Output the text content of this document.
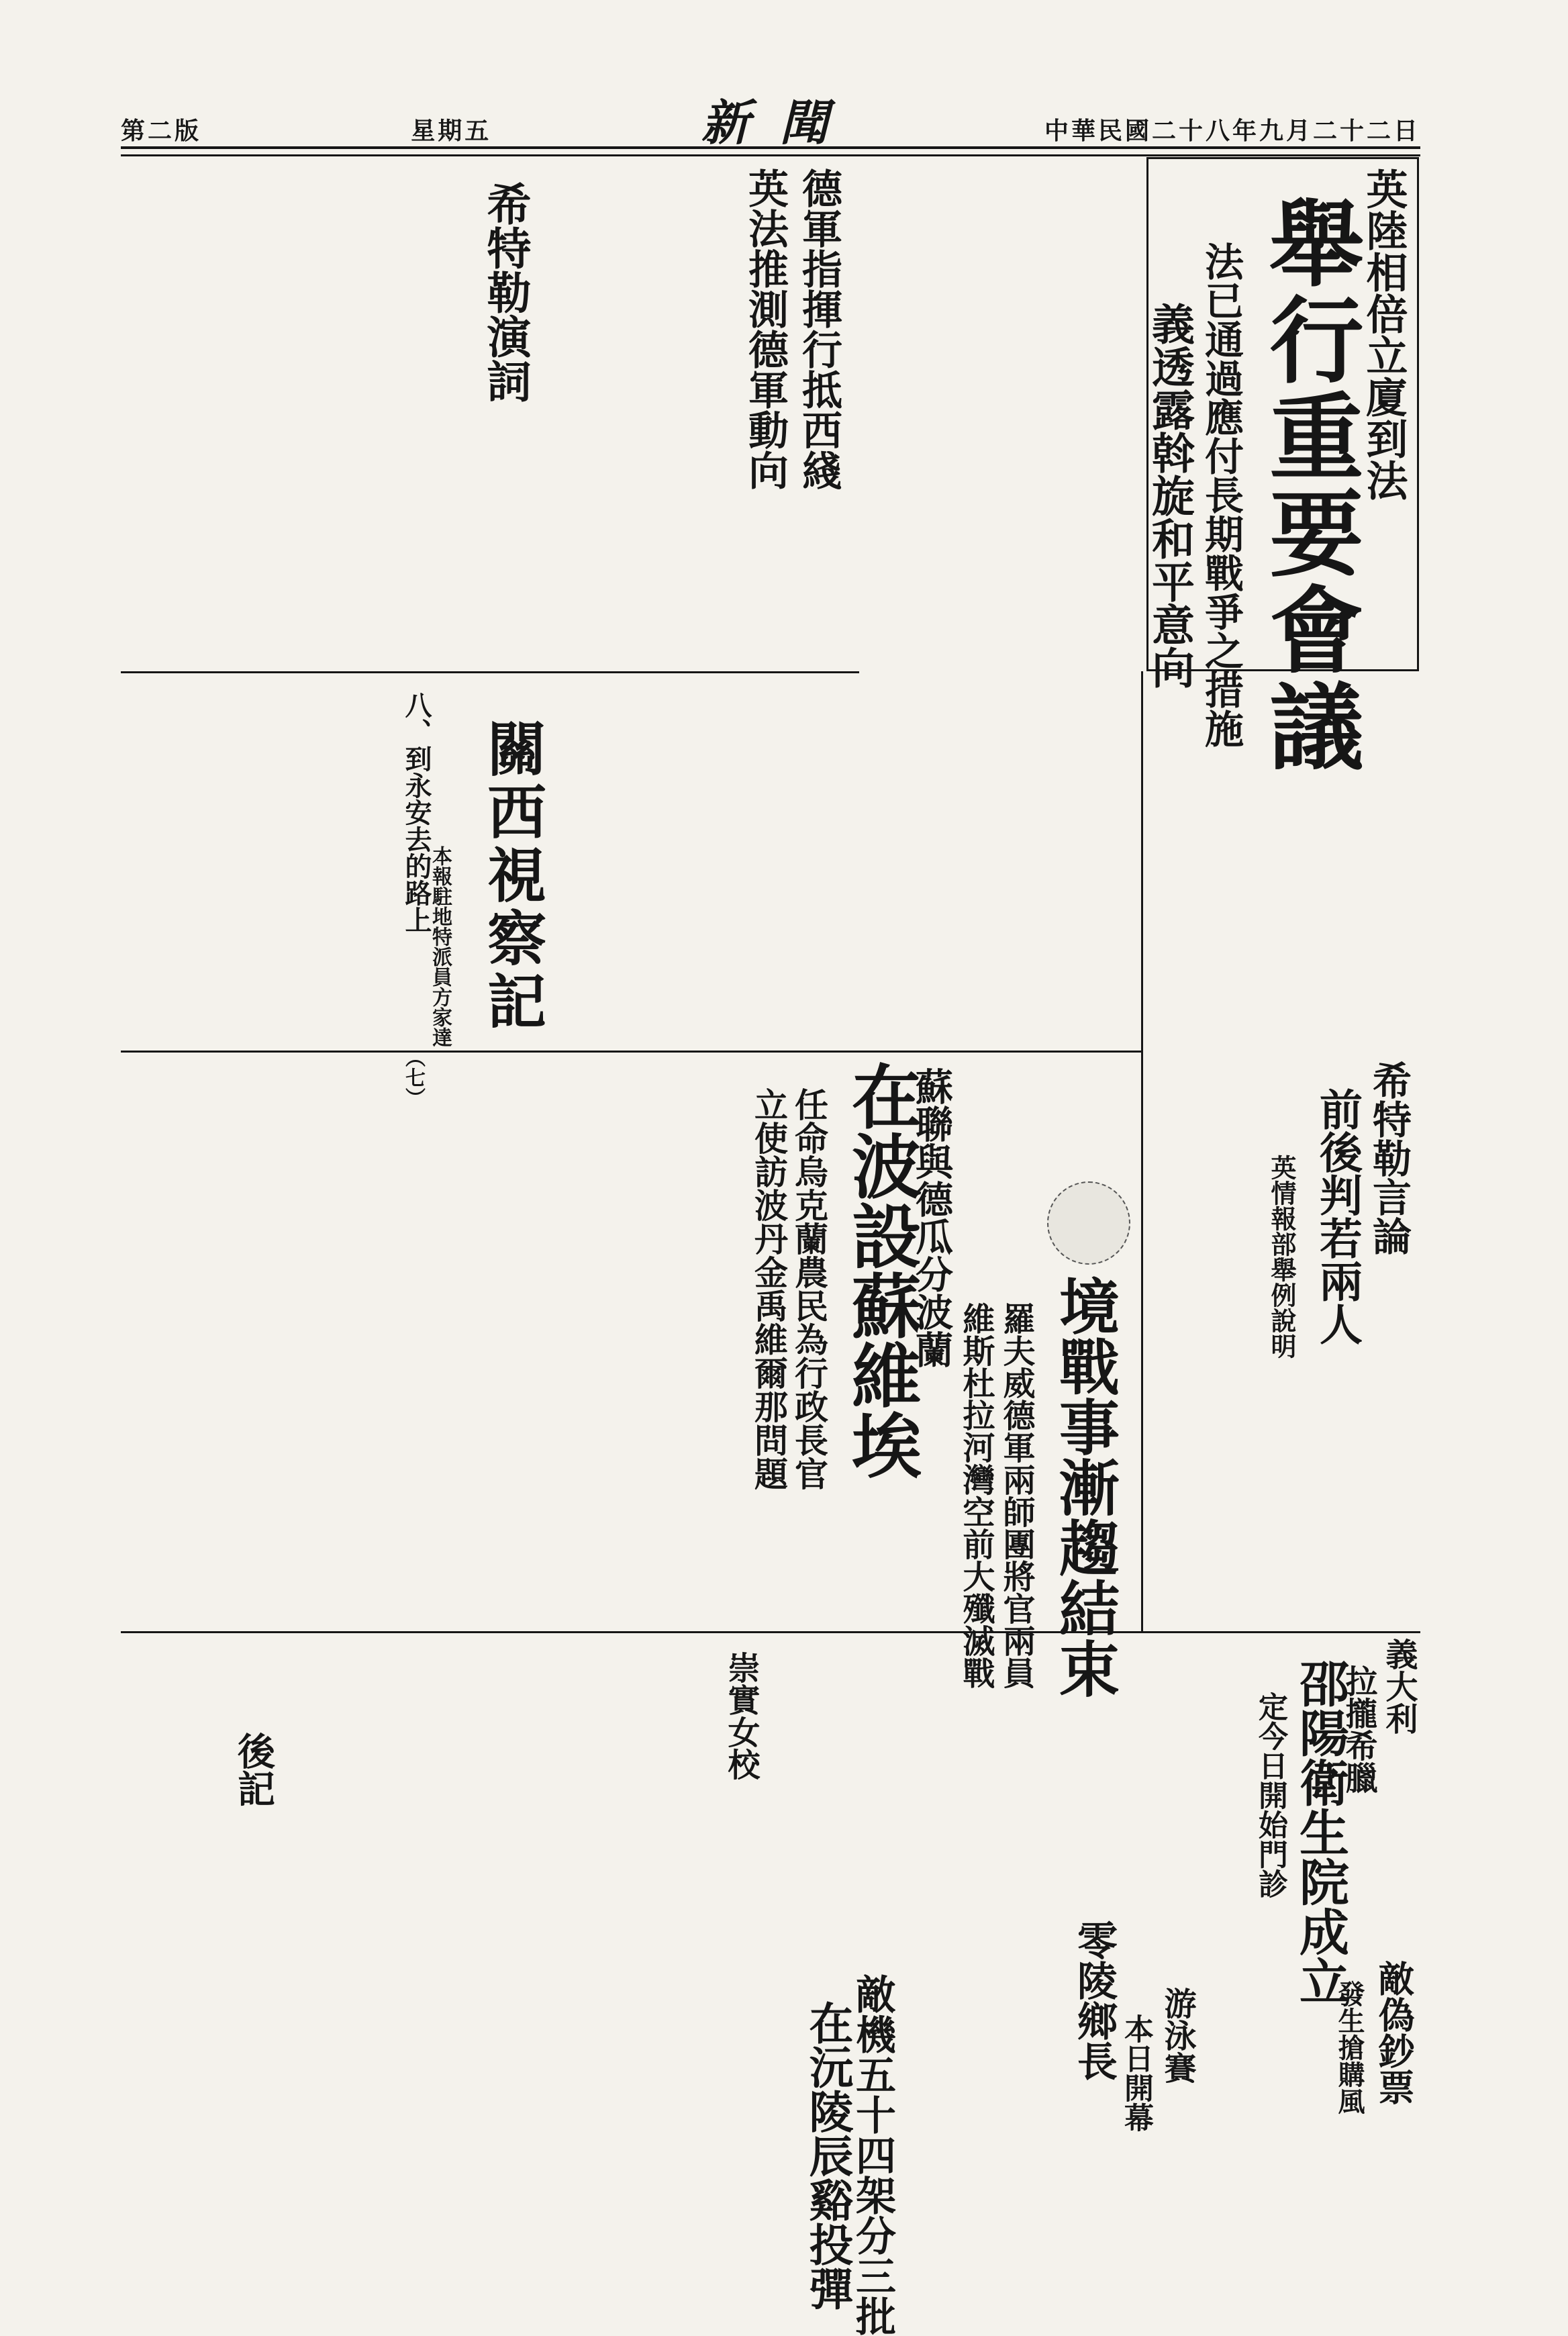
第二版	星期五	新 聞	中華民國二十八年九月二十二日
英陸相倍立廈到法
舉行重要會議
法已通過應付長期戰爭之措施
義透露斡旋和平意向
德軍指揮行抵西綫
英法推測德軍動向
希特勒演詞
關西視察記
本報駐地特派員方家達
（七）
八、到永安去的路上
蘇聯與德瓜分波蘭
在波設蘇維埃
任命烏克蘭農民為行政長官
立使訪波丹金禹維爾那問題	希特勒言論
前後判若兩人
英情報部舉例說明
境戰事漸趨結束
羅夫威德軍兩師團將官兩員
維斯杜拉河灣空前大殲滅戰	義大利
拉攏希臘
邵陽衛生院成立
定今日開始門診
零陵鄉長
敵機五十四架分三批
在沅陵辰谿投彈
崇實女校
後記
游泳賽
本日開幕	敵偽鈔票
發生搶購風
